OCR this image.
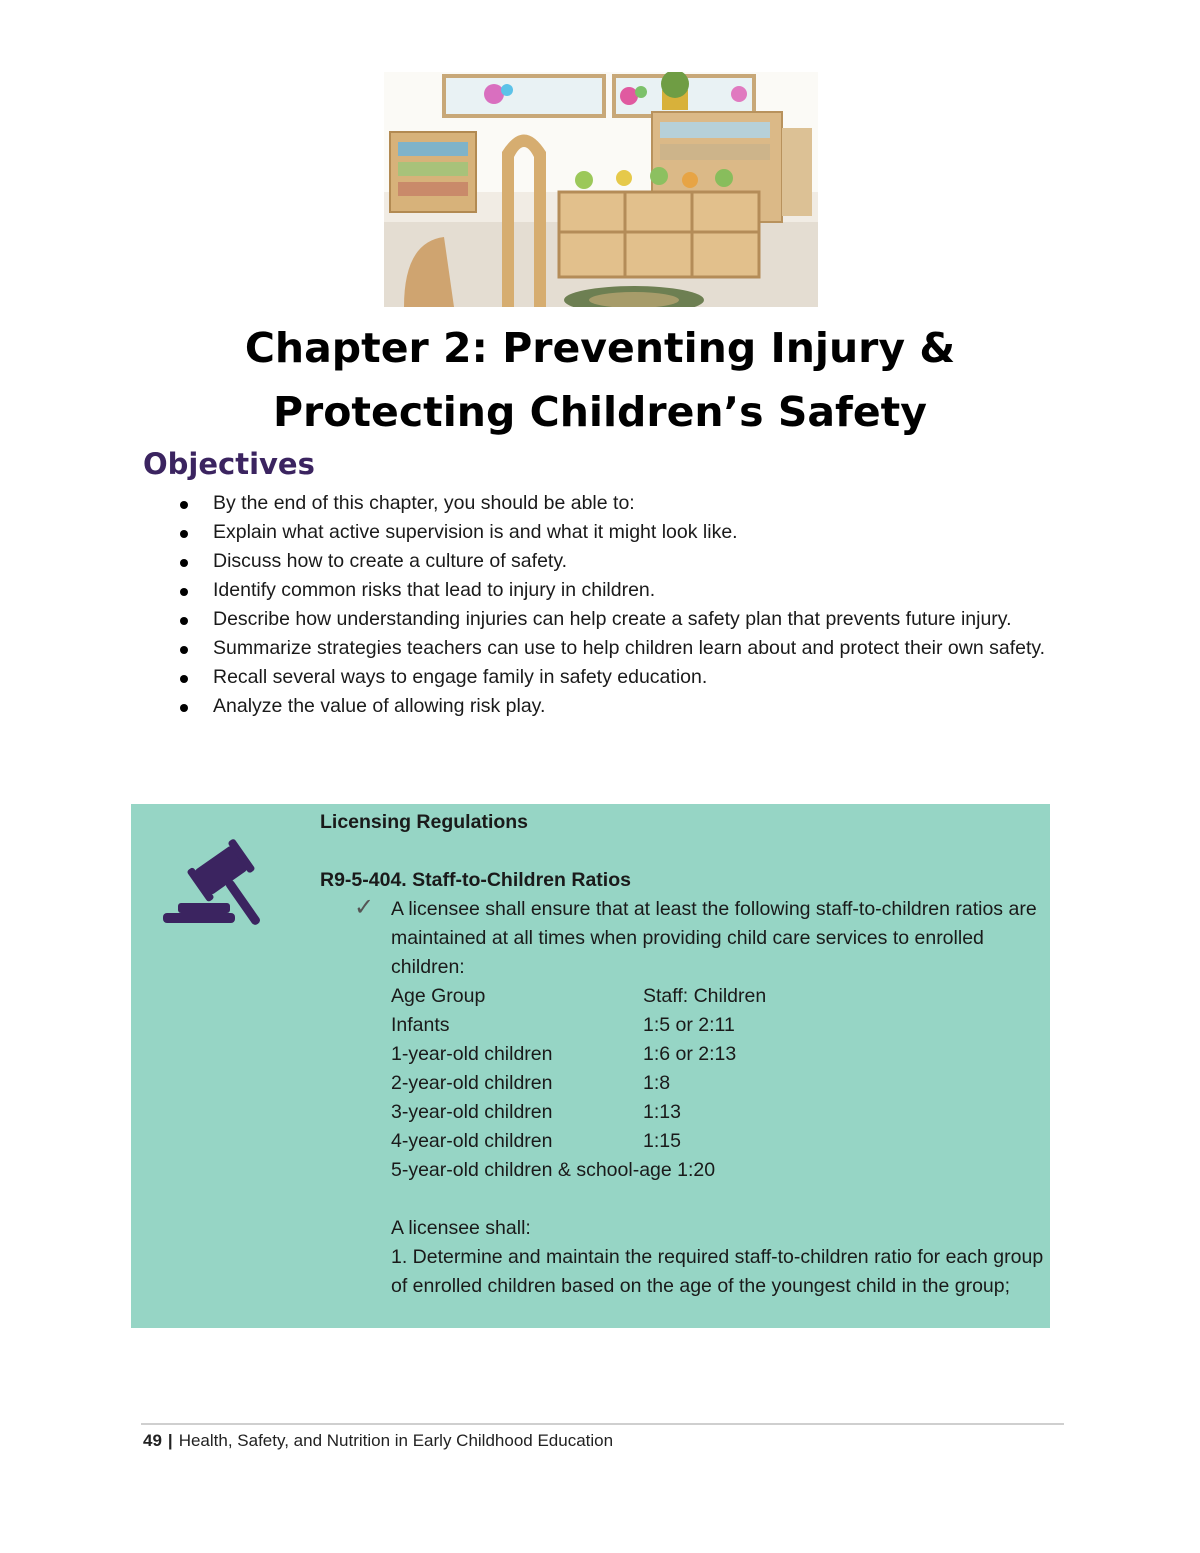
Chapter 2: Preventing Injury &
Protecting Children’s Safety
Objectives
By the end of this chapter, you should be able to:
Explain what active supervision is and what it might look like.
Discuss how to create a culture of safety.
Identify common risks that lead to injury in children.
Describe how understanding injuries can help create a safety plan that prevents future injury.
Summarize strategies teachers can use to help children learn about and protect their own safety.
Recall several ways to engage family in safety education.
Analyze the value of allowing risk play.
Licensing Regulations
R9-5-404. Staff-to-Children Ratios
✓ A licensee shall ensure that at least the following staff-to-children ratios are maintained at all times when providing child care services to enrolled children:
Age Group	Staff: Children
Infants	1:5 or 2:11
1-year-old children	1:6 or 2:13
2-year-old children	1:8
3-year-old children	1:13
4-year-old children	1:15
5-year-old children & school-age 1:20
A licensee shall:
1. Determine and maintain the required staff-to-children ratio for each group of enrolled children based on the age of the youngest child in the group;
49 | Health, Safety, and Nutrition in Early Childhood Education
